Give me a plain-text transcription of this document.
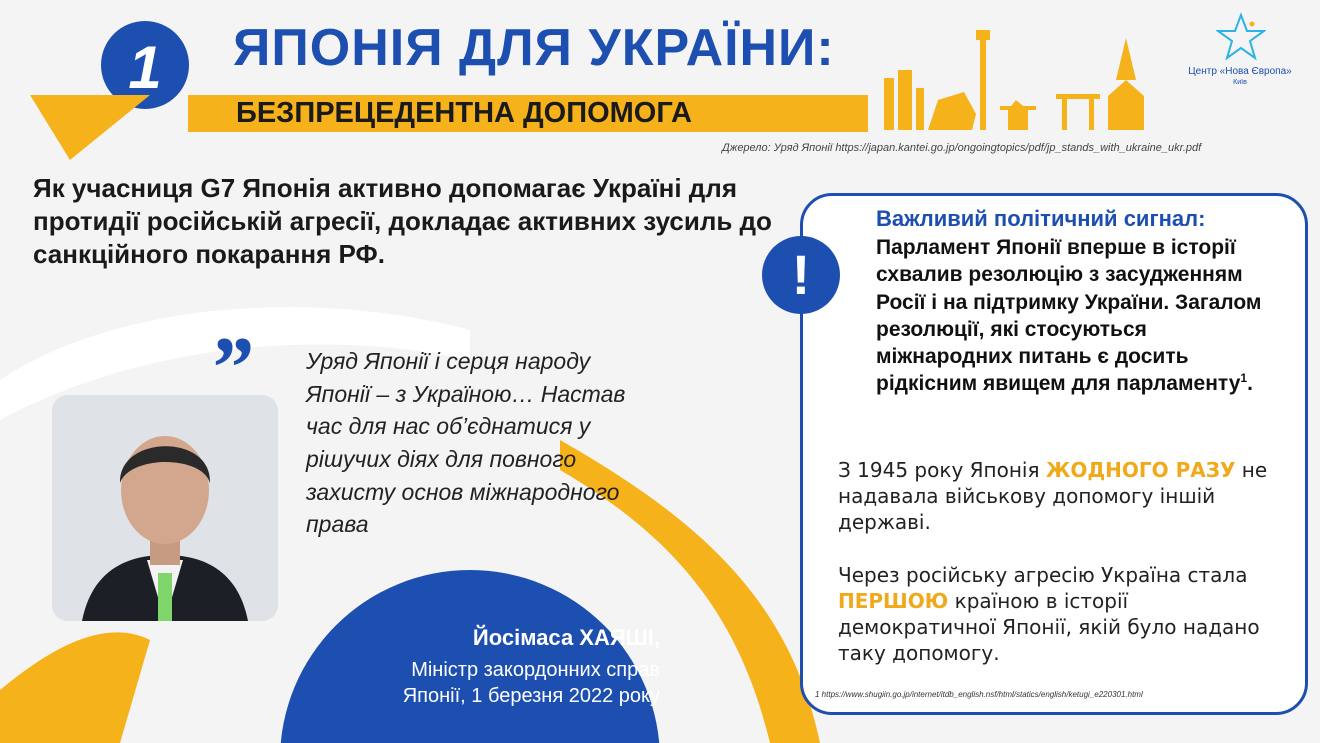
1 ЯПОНІЯ ДЛЯ УКРАЇНИ:
БЕЗПРЕЦЕДЕНТНА ДОПОМОГА
Центр «Нова Європа»
Київ
Джерело: Уряд Японії https://japan.kantei.go.jp/ongoingtopics/pdf/jp_stands_with_ukraine_ukr.pdf
Як учасниця G7 Японія активно допомагає Україні для протидії російській агресії, докладає активних зусиль до санкційного покарання РФ.
” Уряд Японії і серця народу Японії – з Україною… Настав час для нас об’єднатися у рішучих діях для повного захисту основ міжнародного права
Йосімаса ХАЯШІ,
Міністр закордонних справ
Японії, 1 березня 2022 року
!
Важливий політичний сигнал:
Парламент Японії вперше в історії схвалив резолюцію з засудженням Росії і на підтримку України. Загалом резолюції, які стосуються міжнародних питань є досить рідкісним явищем для парламенту$^1$.
З 1945 року Японія ЖОДНОГО РАЗУ не надавала військову допомогу іншій державі.
Через російську агресію Україна стала ПЕРШОЮ країною в історії демократичної Японії, якій було надано таку допомогу.
1 https://www.shugiin.go.jp/internet/itdb_english.nsf/html/statics/english/ketugi_e220301.html
